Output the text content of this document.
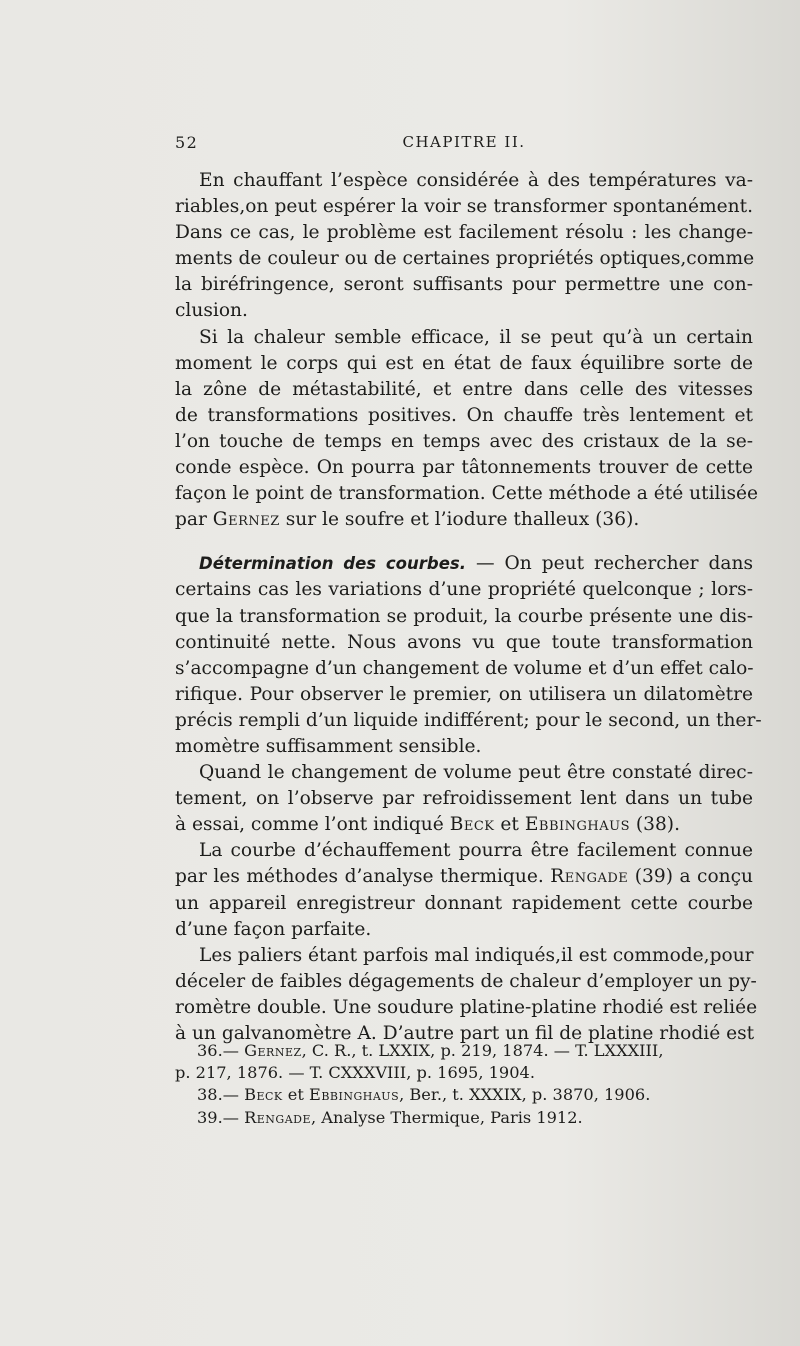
52	CHAPITRE II.
En chauffant l’espèce considérée à des températures va-
riables,on peut espérer la voir se transformer spontanément.
Dans ce cas, le problème est facilement résolu : les change-
ments de couleur ou de certaines propriétés optiques,comme
la biréfringence, seront suffisants pour permettre une con-
clusion.
Si la chaleur semble efficace, il se peut qu’à un certain
moment le corps qui est en état de faux équilibre sorte de
la zône de métastabilité, et entre dans celle des vitesses
de transformations positives. On chauffe très lentement et
l’on touche de temps en temps avec des cristaux de la se-
conde espèce. On pourra par tâtonnements trouver de cette
façon le point de transformation. Cette méthode a été utilisée
par Gernez sur le soufre et l’iodure thalleux (36).
Détermination des courbes. — On peut rechercher dans
certains cas les variations d’une propriété quelconque ; lors-
que la transformation se produit, la courbe présente une dis-
continuité nette. Nous avons vu que toute transformation
s’accompagne d’un changement de volume et d’un effet calo-
rifique. Pour observer le premier, on utilisera un dilatomètre
précis rempli d’un liquide indifférent; pour le second, un ther-
momètre suffisamment sensible.
Quand le changement de volume peut être constaté direc-
tement, on l’observe par refroidissement lent dans un tube
à essai, comme l’ont indiqué Beck et Ebbinghaus (38).
La courbe d’échauffement pourra être facilement connue
par les méthodes d’analyse thermique. Rengade (39) a conçu
un appareil enregistreur donnant rapidement cette courbe
d’une façon parfaite.
Les paliers étant parfois mal indiqués,il est commode,pour
déceler de faibles dégagements de chaleur d’employer un py-
romètre double. Une soudure platine-platine rhodié est reliée
à un galvanomètre A. D’autre part un fil de platine rhodié est
36.— Gernez, C. R., t. LXXIX, p. 219, 1874. — T. LXXXIII,
p. 217, 1876. — T. CXXXVIII, p. 1695, 1904.
38.— Beck et Ebbinghaus, Ber., t. XXXIX, p. 3870, 1906.
39.— Rengade, Analyse Thermique, Paris 1912.
